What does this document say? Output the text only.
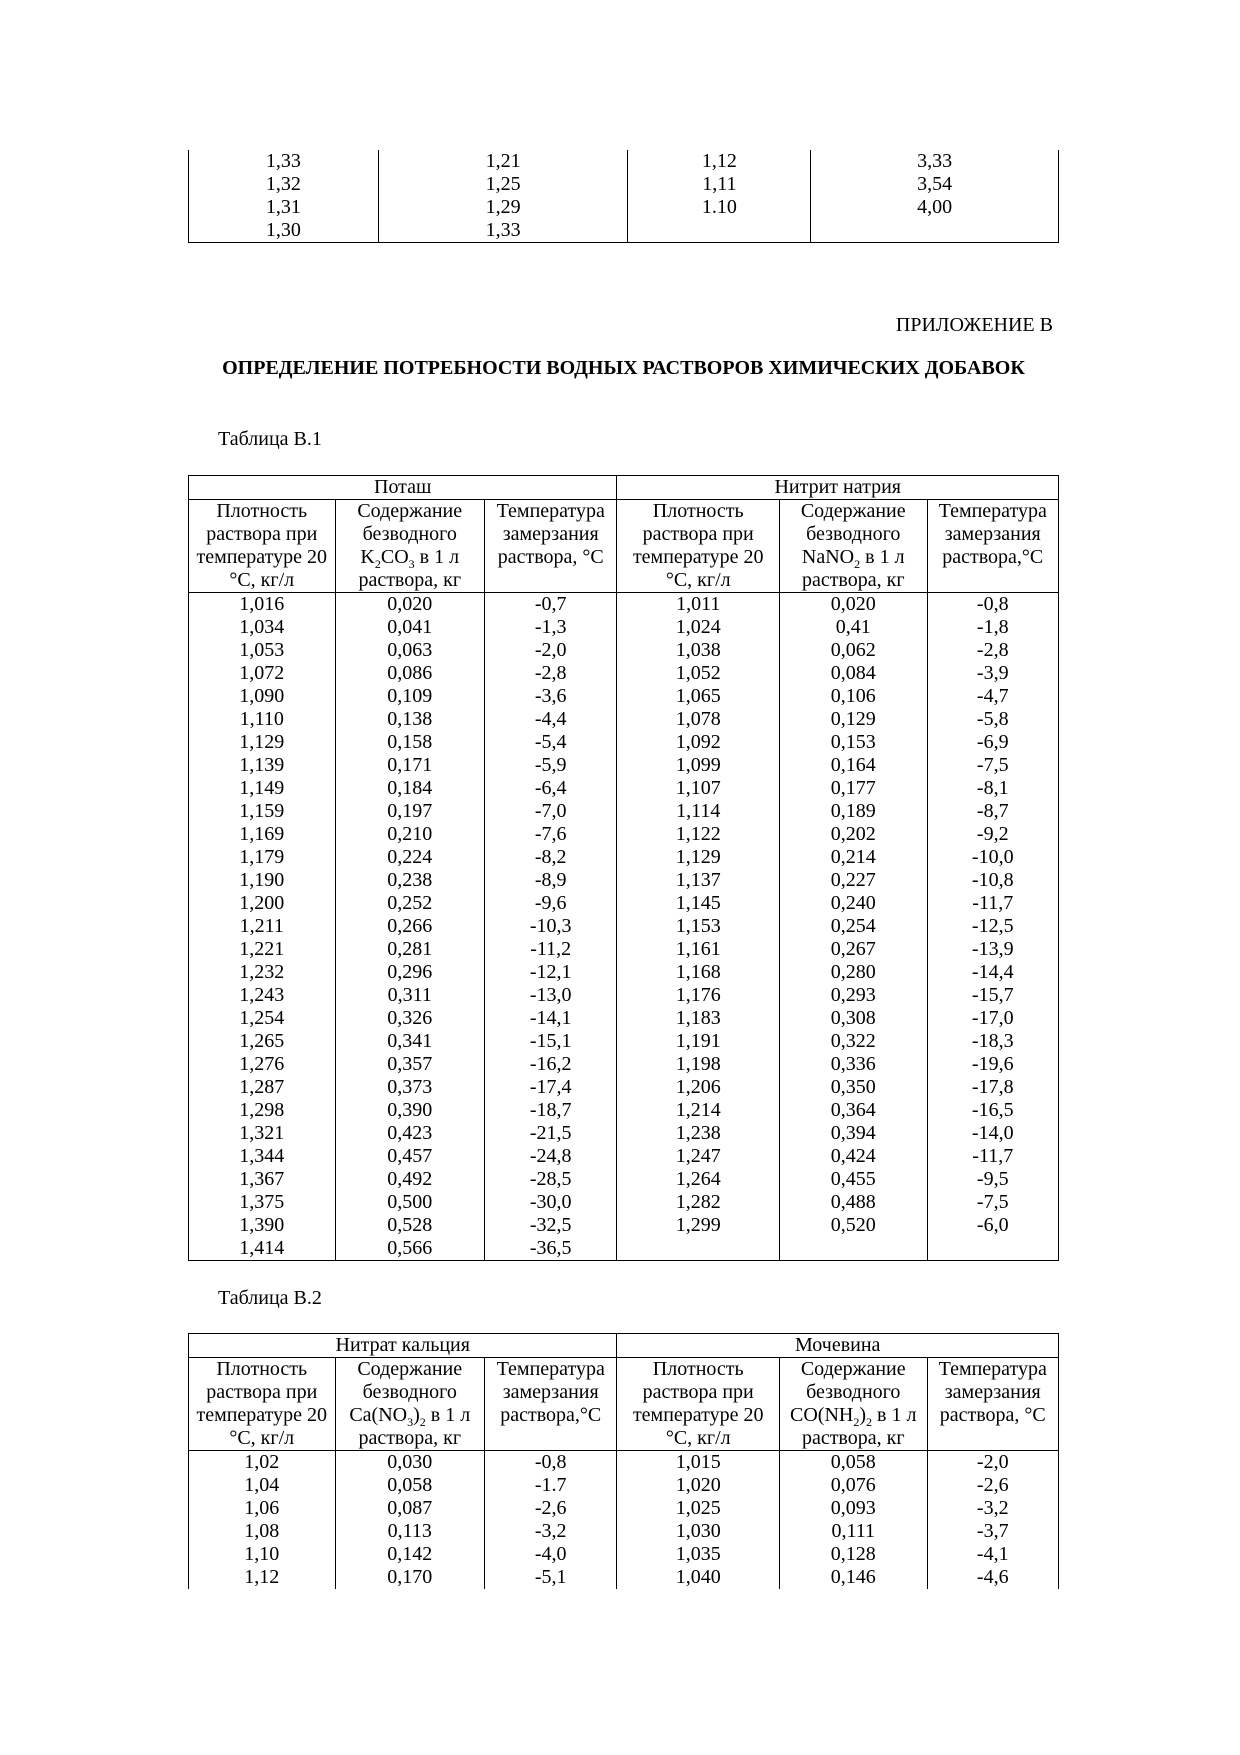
1,33	1,21	1,12	3,33
1,32	1,25	1,11	3,54
1,31	1,29	1.10	4,00
1,30	1,33		
ПРИЛОЖЕНИЕ В
ОПРЕДЕЛЕНИЕ ПОТРЕБНОСТИ ВОДНЫХ РАСТВОРОВ ХИМИЧЕСКИХ ДОБАВОК
Таблица В.1
Поташ			Нитрит натрия		
Плотность раствора при температуре 20 °С, кг/л	Содержание безводного $K_2CO_3$ в 1 л раствора, кг	Температура замерзания раствора, °С	Плотность раствора при температуре 20 °С, кг/л	Содержание безводного NaNO$_2$ в 1 л раствора, кг	Температура замерзания раствора,°С
1,016	0,020	-0,7	1,011	0,020	-0,8
1,034	0,041	-1,3	1,024	0,41	-1,8
1,053	0,063	-2,0	1,038	0,062	-2,8
1,072	0,086	-2,8	1,052	0,084	-3,9
1,090	0,109	-3,6	1,065	0,106	-4,7
1,110	0,138	-4,4	1,078	0,129	-5,8
1,129	0,158	-5,4	1,092	0,153	-6,9
1,139	0,171	-5,9	1,099	0,164	-7,5
1,149	0,184	-6,4	1,107	0,177	-8,1
1,159	0,197	-7,0	1,114	0,189	-8,7
1,169	0,210	-7,6	1,122	0,202	-9,2
1,179	0,224	-8,2	1,129	0,214	-10,0
1,190	0,238	-8,9	1,137	0,227	-10,8
1,200	0,252	-9,6	1,145	0,240	-11,7
1,211	0,266	-10,3	1,153	0,254	-12,5
1,221	0,281	-11,2	1,161	0,267	-13,9
1,232	0,296	-12,1	1,168	0,280	-14,4
1,243	0,311	-13,0	1,176	0,293	-15,7
1,254	0,326	-14,1	1,183	0,308	-17,0
1,265	0,341	-15,1	1,191	0,322	-18,3
1,276	0,357	-16,2	1,198	0,336	-19,6
1,287	0,373	-17,4	1,206	0,350	-17,8
1,298	0,390	-18,7	1,214	0,364	-16,5
1,321	0,423	-21,5	1,238	0,394	-14,0
1,344	0,457	-24,8	1,247	0,424	-11,7
1,367	0,492	-28,5	1,264	0,455	-9,5
1,375	0,500	-30,0	1,282	0,488	-7,5
1,390	0,528	-32,5	1,299	0,520	-6,0
1,414	0,566	-36,5			
Таблица В.2
Нитрат кальция			Мочевина		
Плотность раствора при температуре 20 °С, кг/л	Содержание безводного $Ca(NO_3)_2$ в 1 л раствора, кг	Температура замерзания раствора,°С	Плотность раствора при температуре 20 °С, кг/л	Содержание безводного $CO(NH_2)_2$ в 1 л раствора, кг	Температура замерзания раствора, °С
1,02	0,030	-0,8	1,015	0,058	-2,0
1,04	0,058	-1.7	1,020	0,076	-2,6
1,06	0,087	-2,6	1,025	0,093	-3,2
1,08	0,113	-3,2	1,030	0,111	-3,7
1,10	0,142	-4,0	1,035	0,128	-4,1
1,12	0,170	-5,1	1,040	0,146	-4,6
